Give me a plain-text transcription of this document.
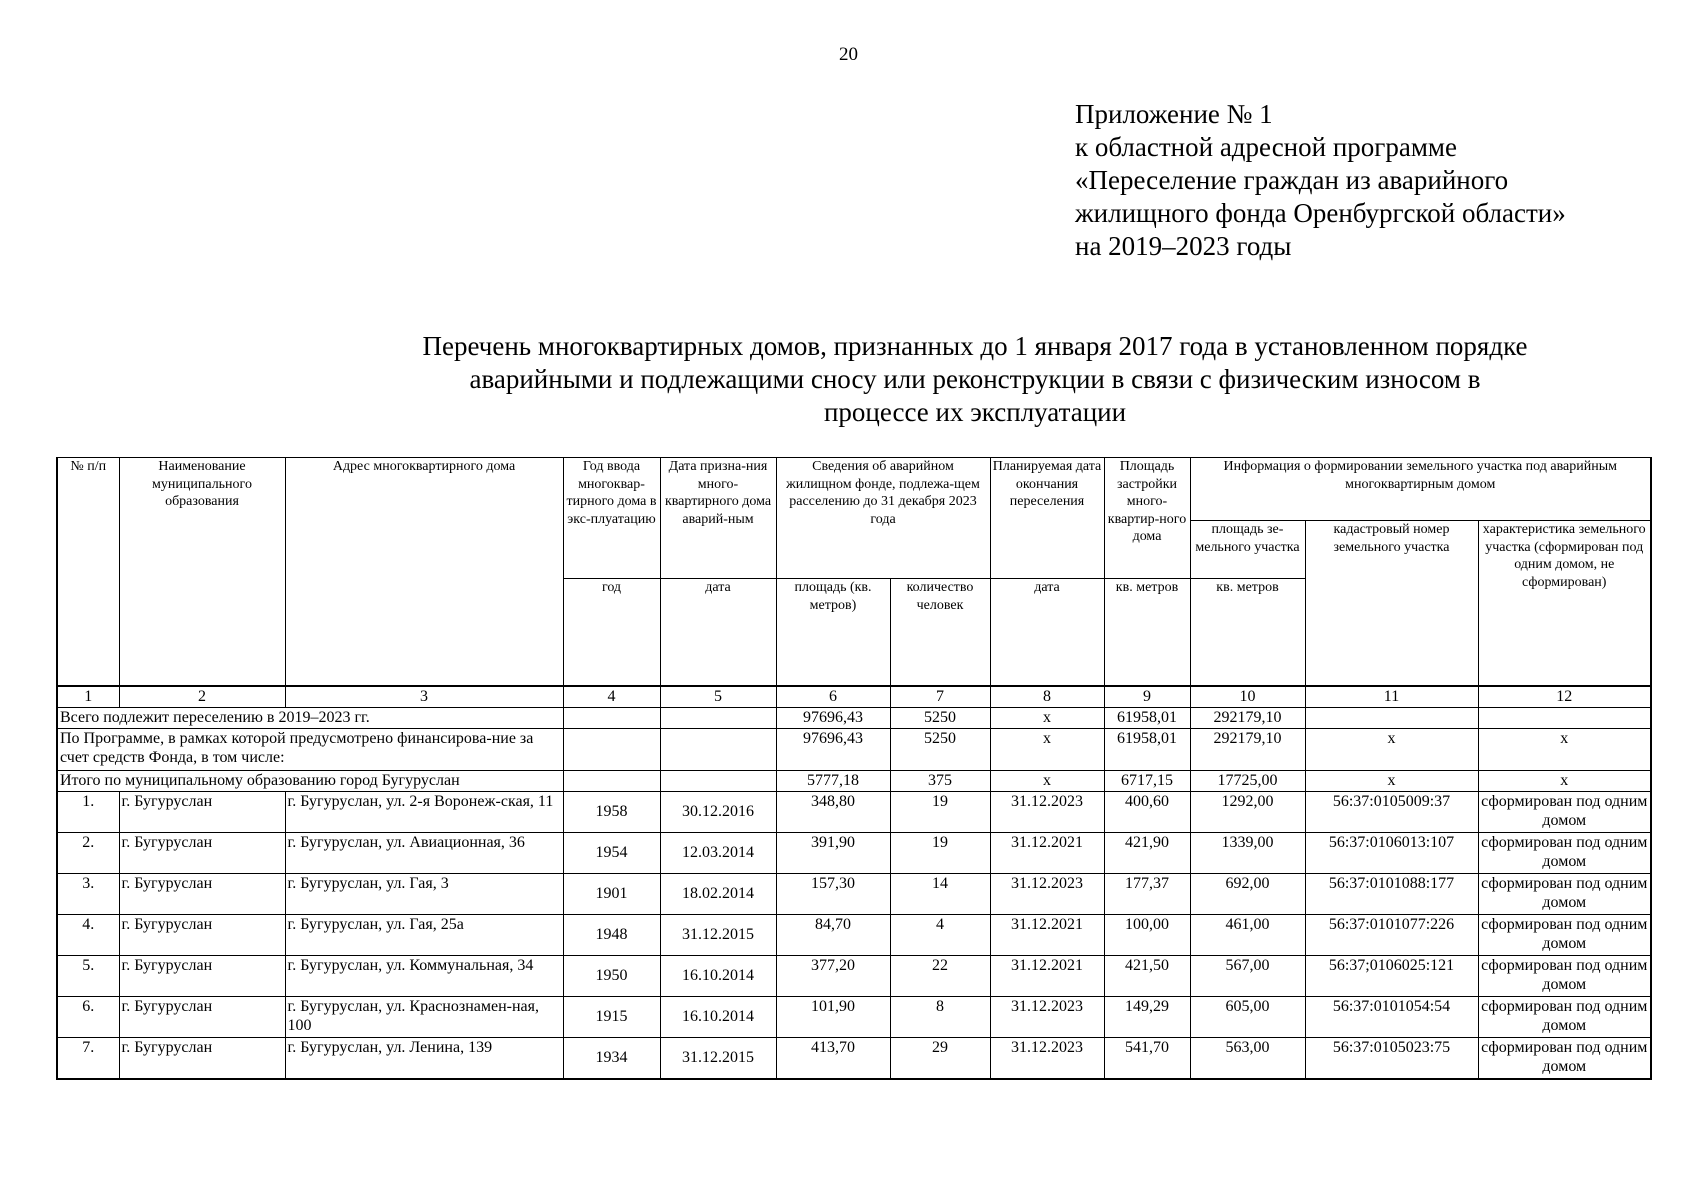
20
Приложение № 1
к областной адресной программе
«Переселение граждан из аварийного
жилищного фонда Оренбургской области»
на 2019–2023 годы
Перечень многоквартирных домов, признанных до 1 января 2017 года в установленном порядке
аварийными и подлежащими сносу или реконструкции в связи с физическим износом в
процессе их эксплуатации
№ п/п	Наименование муниципального образования	Адрес многоквартирного дома	Год ввода многоквар-тирного дома в экс-плуатацию	Дата призна-ния много-квартирного дома аварий-ным	Сведения об аварийном жилищном фонде, подлежа-щем расселению до 31 декабря 2023 года		Планируемая дата окончания переселения	Площадь застройки много-квартир-ного дома	Информация о формировании земельного участка под аварийным многоквартирным домом		
									площадь зе-мельного участка	кадастровый номер земельного участка	характеристика земельного участка (сформирован под одним домом, не сформирован)
			год	дата	площадь (кв. метров)	количество человек	дата	кв. метров	кв. метров		
1	2	3	4	5	6	7	8	9	10	11	12
Всего подлежит переселению в 2019–2023 гг.					97696,43	5250	х	61958,01	292179,10		
По Программе, в рамках которой предусмотрено финансирова-ние за счет средств Фонда, в том числе:					97696,43	5250	х	61958,01	292179,10	х	х
Итого по муниципальному образованию город Бугуруслан					5777,18	375	х	6717,15	17725,00	х	х
1.	г. Бугуруслан	г. Бугуруслан, ул. 2-я Воронеж-ская, 11	1958	30.12.2016	348,80	19	31.12.2023	400,60	1292,00	56:37:0105009:37	сформирован под одним домом
2.	г. Бугуруслан	г. Бугуруслан, ул. Авиационная, 36	1954	12.03.2014	391,90	19	31.12.2021	421,90	1339,00	56:37:0106013:107	сформирован под одним домом
3.	г. Бугуруслан	г. Бугуруслан, ул. Гая, 3	1901	18.02.2014	157,30	14	31.12.2023	177,37	692,00	56:37:0101088:177	сформирован под одним домом
4.	г. Бугуруслан	г. Бугуруслан, ул. Гая, 25а	1948	31.12.2015	84,70	4	31.12.2021	100,00	461,00	56:37:0101077:226	сформирован под одним домом
5.	г. Бугуруслан	г. Бугуруслан, ул. Коммунальная, 34	1950	16.10.2014	377,20	22	31.12.2021	421,50	567,00	56:37;0106025:121	сформирован под одним домом
6.	г. Бугуруслан	г. Бугуруслан, ул. Краснознамен-ная, 100	1915	16.10.2014	101,90	8	31.12.2023	149,29	605,00	56:37:0101054:54	сформирован под одним домом
7.	г. Бугуруслан	г. Бугуруслан, ул. Ленина, 139	1934	31.12.2015	413,70	29	31.12.2023	541,70	563,00	56:37:0105023:75	сформирован под одним домом
